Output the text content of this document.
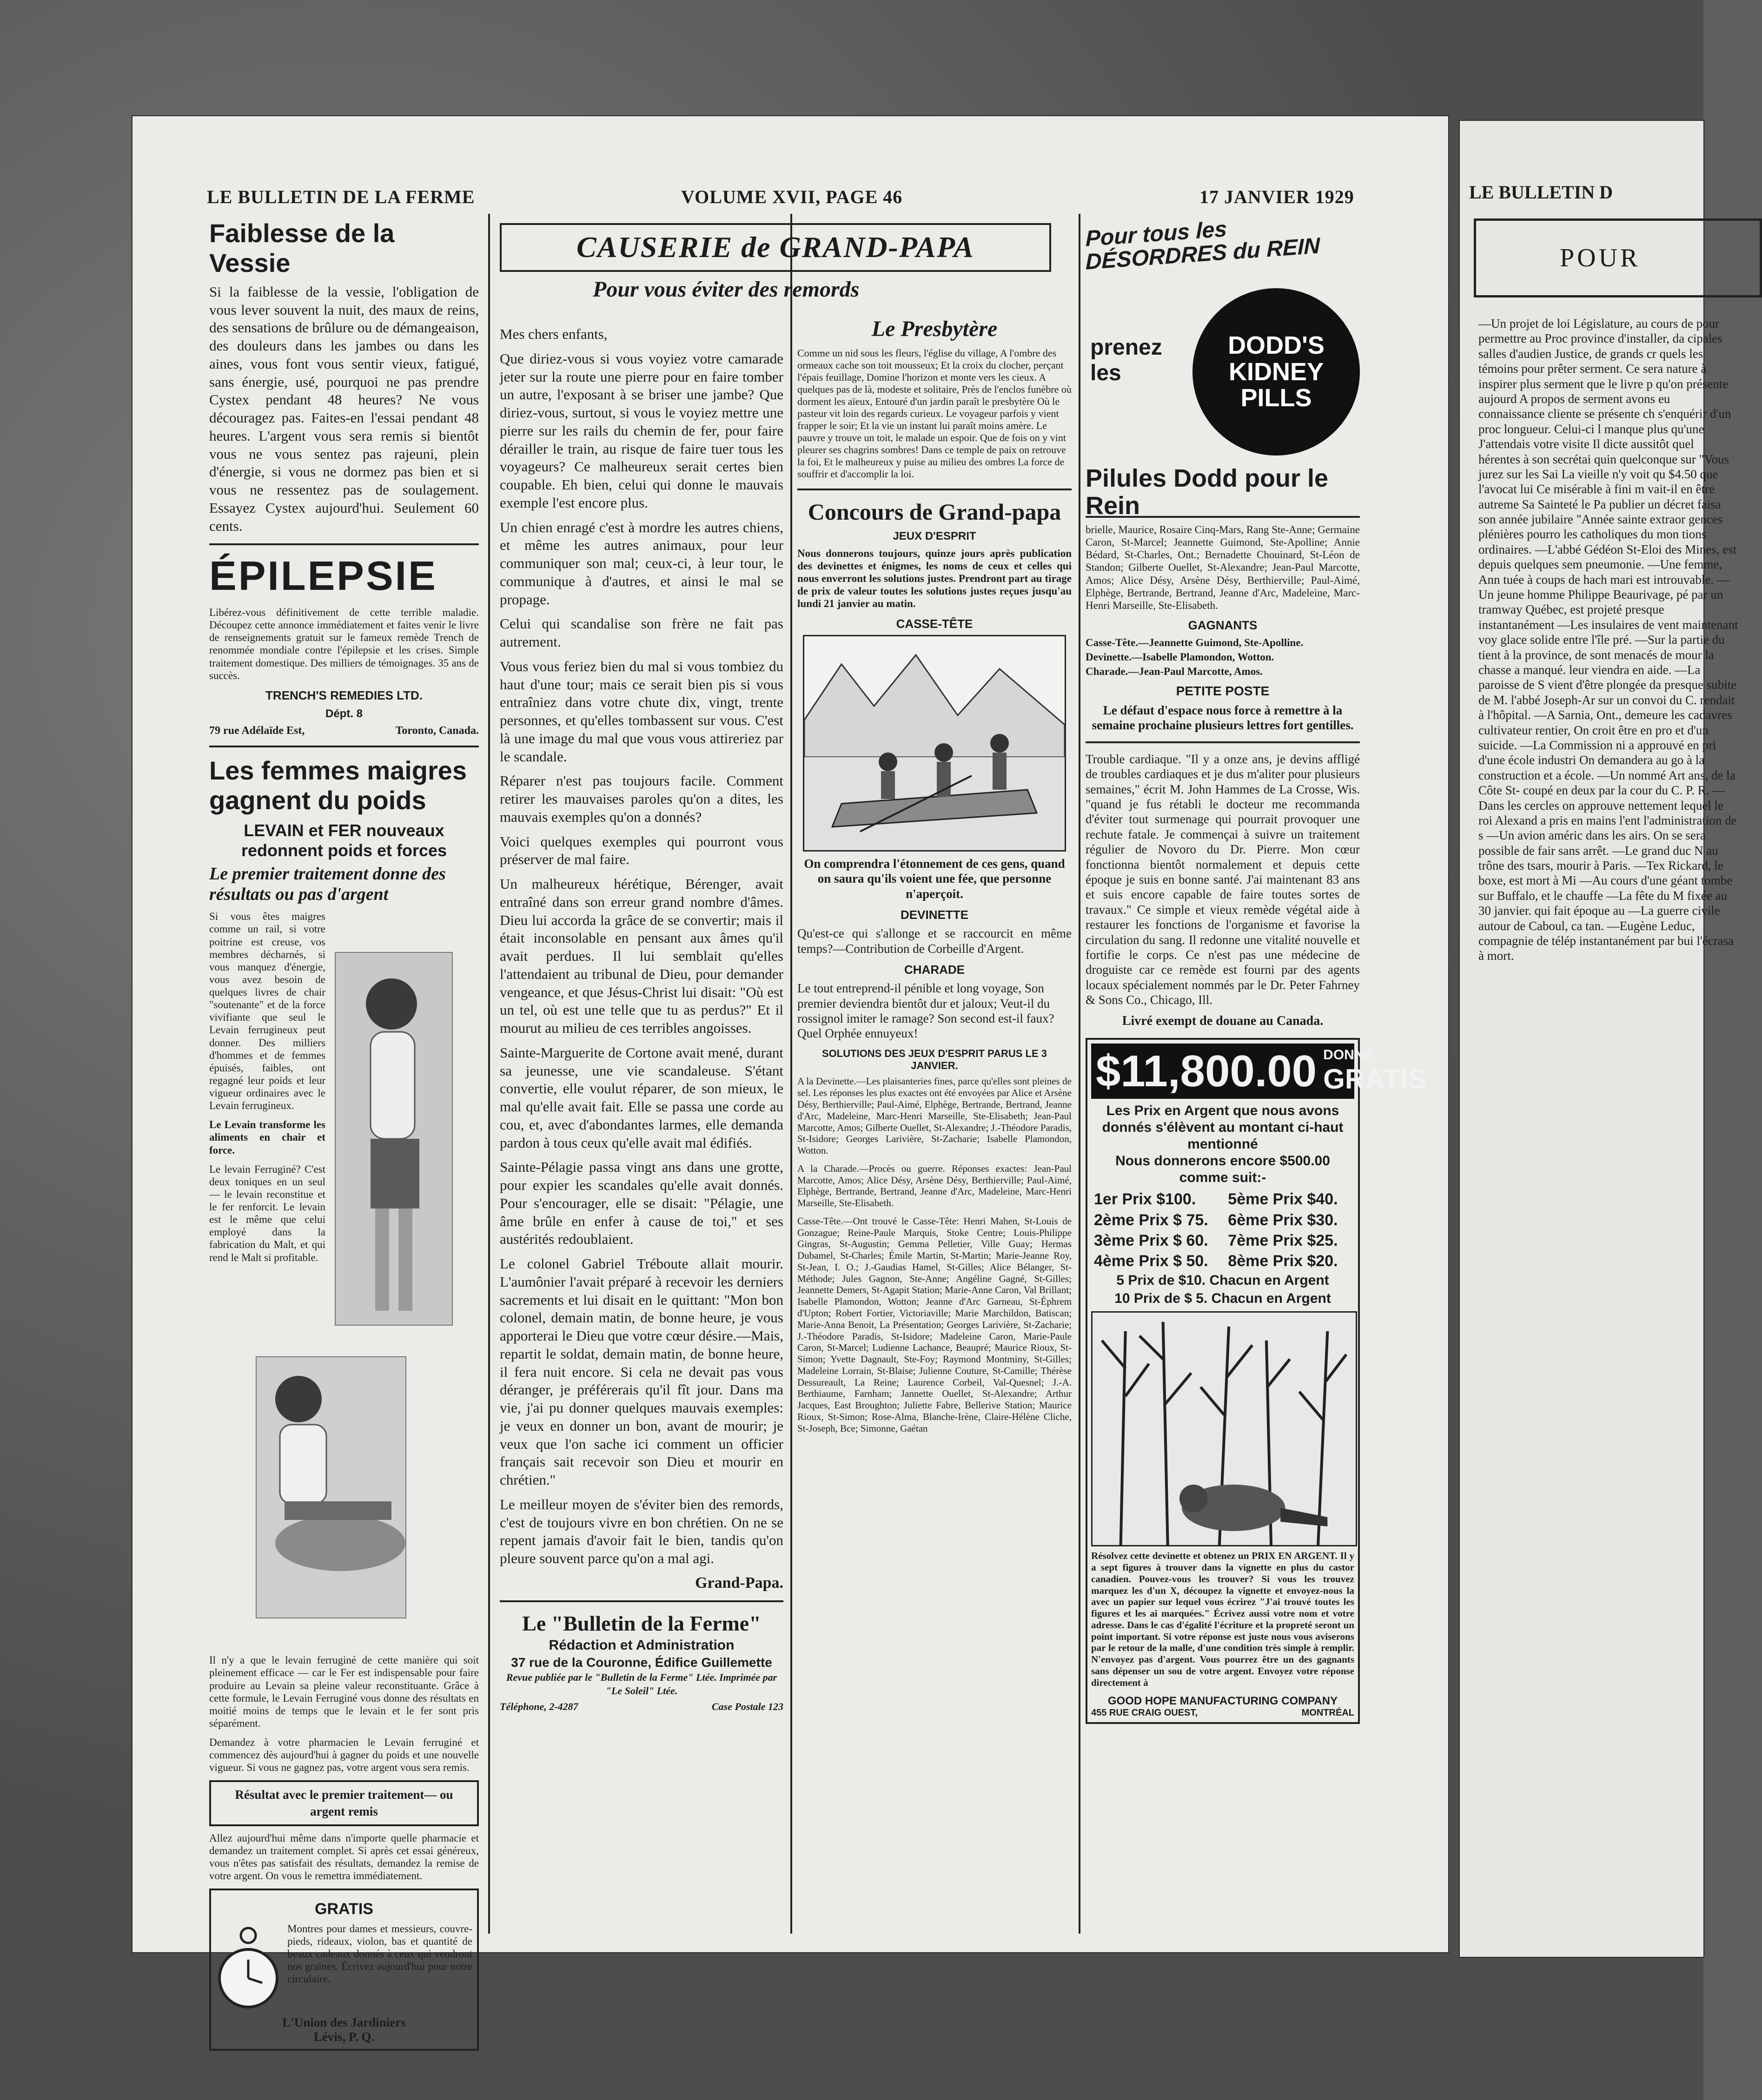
LE BULLETIN DE LA FERME	VOLUME XVII, PAGE 46	17 JANVIER 1929
Faiblesse de la Vessie

Si la faiblesse de la vessie, l'obligation de vous lever souvent la nuit, des maux de reins, des sensations de brûlure ou de démangeaison, des douleurs dans les jambes ou dans les aines, vous font vous sentir vieux, fatigué, sans énergie, usé, pourquoi ne pas prendre Cystex pendant 48 heures? Ne vous découragez pas. Faites-en l'essai pendant 48 heures. L'argent vous sera remis si bientôt vous ne vous sentez pas rajeuni, plein d'énergie, si vous ne dormez pas bien et si vous ne ressentez pas de soulagement. Essayez Cystex aujourd'hui. Seulement 60 cents.

ÉPILEPSIE

Libérez-vous définitivement de cette terrible maladie. Découpez cette annonce immédiatement et faites venir le livre de renseignements gratuit sur le fameux remède Trench de renommée mondiale contre l'épilepsie et les crises. Simple traitement domestique. Des milliers de témoignages. 35 ans de succès.

TRENCH'S REMEDIES LTD.
Dépt. 8
79 rue Adélaïde Est,	Toronto, Canada.
Les femmes maigres gagnent du poids
LEVAIN et FER nouveaux redonnent poids et forces
Le premier traitement donne des résultats ou pas d'argent

Si vous êtes maigres comme un rail, si votre poitrine est creuse, vos membres décharnés, si vous manquez d'énergie, vous avez besoin de quelques livres de chair "soutenante" et de la force vivifiante que seul le Levain ferrugineux peut donner. Des milliers d'hommes et de femmes épuisés, faibles, ont regagné leur poids et leur vigueur ordinaires avec le Levain ferrugineux.

Le Levain transforme les aliments en chair et force.

Le levain Ferruginé? C'est deux toniques en un seul — le levain reconstitue et le fer renforcit. Le levain est le même que celui employé dans la fabrication du Malt, et qui rend le Malt si profitable.

Il n'y a que le levain ferruginé de cette manière qui soit pleinement efficace — car le Fer est indispensable pour faire produire au Levain sa pleine valeur reconstituante. Grâce à cette formule, le Levain Ferruginé vous donne des résultats en moitié moins de temps que le levain et le fer sont pris séparément.

Demandez à votre pharmacien le Levain ferruginé et commencez dès aujourd'hui à gagner du poids et une nouvelle vigueur. Si vous ne gagnez pas, votre argent vous sera remis.

Résultat avec le premier traitement— ou argent remis

Allez aujourd'hui même dans n'importe quelle pharmacie et demandez un traitement complet. Si après cet essai généreux, vous n'êtes pas satisfait des résultats, demandez la remise de votre argent. On vous le remettra immédiatement.

GRATIS

Montres pour dames et messieurs, couvre-pieds, rideaux, violon, bas et quantité de beaux cadeaux donnés à ceux qui vendront nos graines. Écrivez aujourd'hui pour notre circulaire.

L'Union des Jardiniers
Lévis, P. Q.
CAUSERIE de GRAND-PAPA
Pour vous éviter des remords

Mes chers enfants,

Que diriez-vous si vous voyiez votre camarade jeter sur la route une pierre pour en faire tomber un autre, l'exposant à se briser une jambe? Que diriez-vous, surtout, si vous le voyiez mettre une pierre sur les rails du chemin de fer, pour faire dérailler le train, au risque de faire tuer tous les voyageurs? Ce malheureux serait certes bien coupable. Eh bien, celui qui donne le mauvais exemple l'est encore plus.

Un chien enragé c'est à mordre les autres chiens, et même les autres animaux, pour leur communiquer son mal; ceux-ci, à leur tour, le communique à d'autres, et ainsi le mal se propage.

Celui qui scandalise son frère ne fait pas autrement.

Vous vous feriez bien du mal si vous tombiez du haut d'une tour; mais ce serait bien pis si vous entraîniez dans votre chute dix, vingt, trente personnes, et qu'elles tombassent sur vous. C'est là une image du mal que vous vous attireriez par le scandale.

Réparer n'est pas toujours facile. Comment retirer les mauvaises paroles qu'on a dites, les mauvais exemples qu'on a donnés?

Voici quelques exemples qui pourront vous préserver de mal faire.

Un malheureux hérétique, Bérenger, avait entraîné dans son erreur grand nombre d'âmes. Dieu lui accorda la grâce de se convertir; mais il était inconsolable en pensant aux âmes qu'il avait perdues. Il lui semblait qu'elles l'attendaient au tribunal de Dieu, pour demander vengeance, et que Jésus-Christ lui disait: "Où est un tel, où est une telle que tu as perdus?" Et il mourut au milieu de ces terribles angoisses.

Sainte-Marguerite de Cortone avait mené, durant sa jeunesse, une vie scandaleuse. S'étant convertie, elle voulut réparer, de son mieux, le mal qu'elle avait fait. Elle se passa une corde au cou, et, avec d'abondantes larmes, elle demanda pardon à tous ceux qu'elle avait mal édifiés.

Sainte-Pélagie passa vingt ans dans une grotte, pour expier les scandales qu'elle avait donnés. Pour s'encourager, elle se disait: "Pélagie, une âme brûle en enfer à cause de toi," et ses austérités redoublaient.

Le colonel Gabriel Tréboute allait mourir. L'aumônier l'avait préparé à recevoir les derniers sacrements et lui disait en le quittant: "Mon bon colonel, demain matin, de bonne heure, je vous apporterai le Dieu que votre cœur désire.—Mais, repartit le soldat, demain matin, de bonne heure, il fera nuit encore. Si cela ne devait pas vous déranger, je préférerais qu'il fît jour. Dans ma vie, j'ai pu donner quelques mauvais exemples: je veux en donner un bon, avant de mourir; je veux que l'on sache ici comment un officier français sait recevoir son Dieu et mourir en chrétien."

Le meilleur moyen de s'éviter bien des remords, c'est de toujours vivre en bon chrétien. On ne se repent jamais d'avoir fait le bien, tandis qu'on pleure souvent parce qu'on a mal agi.

Grand-Papa.
Le "Bulletin de la Ferme"
Rédaction et Administration
37 rue de la Couronne, Édifice Guillemette
Revue publiée par le "Bulletin de la Ferme" Ltée. Imprimée par "Le Soleil" Ltée.
Téléphone, 2-4287	Case Postale 123
Le Presbytère

Comme un nid sous les fleurs, l'église du village, A l'ombre des ormeaux cache son toit mousseux; Et la croix du clocher, perçant l'épais feuillage, Domine l'horizon et monte vers les cieux. A quelques pas de là, modeste et solitaire, Près de l'enclos funèbre où dorment les aïeux, Entouré d'un jardin paraît le presbytère Où le pasteur vit loin des regards curieux. Le voyageur parfois y vient frapper le soir; Et la vie un instant lui paraît moins amère. Le pauvre y trouve un toit, le malade un espoir. Que de fois on y vint pleurer ses chagrins sombres! Dans ce temple de paix on retrouve la foi, Et le malheureux y puise au milieu des ombres La force de souffrir et d'accomplir la loi.

Concours de Grand-papa
JEUX D'ESPRIT

Nous donnerons toujours, quinze jours après publication des devinettes et énigmes, les noms de ceux et celles qui nous enverront les solutions justes. Prendront part au tirage de prix de valeur toutes les solutions justes reçues jusqu'au lundi 21 janvier au matin.

CASSE-TÊTE

On comprendra l'étonnement de ces gens, quand on saura qu'ils voient une fée, que personne n'aperçoit.

DEVINETTE

Qu'est-ce qui s'allonge et se raccourcit en même temps?—Contribution de Corbeille d'Argent.

CHARADE

Le tout entreprend-il pénible et long voyage, Son premier deviendra bientôt dur et jaloux; Veut-il du rossignol imiter le ramage? Son second est-il faux? Quel Orphée ennuyeux!

SOLUTIONS DES JEUX D'ESPRIT PARUS LE 3 JANVIER.

A la Devinette.—Les plaisanteries fines, parce qu'elles sont pleines de sel. Les réponses les plus exactes ont été envoyées par Alice et Arsène Désy, Berthierville; Paul-Aimé, Elphège, Bertrande, Bertrand, Jeanne d'Arc, Madeleine, Marc-Henri Marseille, Ste-Elisabeth; Jean-Paul Marcotte, Amos; Gilberte Ouellet, St-Alexandre; J.-Théodore Paradis, St-Isidore; Georges Larivière, St-Zacharie; Isabelle Plamondon, Wotton.

A la Charade.—Procès ou guerre. Réponses exactes: Jean-Paul Marcotte, Amos; Alice Désy, Arsène Désy, Berthierville; Paul-Aimé, Elphège, Bertrande, Bertrand, Jeanne d'Arc, Madeleine, Marc-Henri Marseille, Ste-Elisabeth.

Casse-Tête.—Ont trouvé le Casse-Tête: Henri Mahen, St-Louis de Gonzague; Reine-Paule Marquis, Stoke Centre; Louis-Philippe Gingras, St-Augustin; Gemma Pelletier, Ville Guay; Hermas Dubamel, St-Charles; Émile Martin, St-Martin; Marie-Jeanne Roy, St-Jean, I. O.; J.-Gaudias Hamel, St-Gilles; Alice Bélanger, St-Méthode; Jules Gagnon, Ste-Anne; Angéline Gagné, St-Gilles; Jeannette Demers, St-Agapit Station; Marie-Anne Caron, Val Brillant; Isabelle Plamondon, Wotton; Jeanne d'Arc Garneau, St-Éphrem d'Upton; Robert Fortier, Victoriaville; Marie Marchildon, Batiscan; Marie-Anna Benoit, La Présentation; Georges Larivière, St-Zacharie; J.-Théodore Paradis, St-Isidore; Madeleine Caron, Marie-Paule Caron, St-Marcel; Ludienne Lachance, Beaupré; Maurice Rioux, St-Simon; Yvette Dagnault, Ste-Foy; Raymond Montminy, St-Gilles; Madeleine Lorrain, St-Blaise; Julienne Couture, St-Camille; Thérèse Dessureault, La Reine; Laurence Corbeil, Val-Quesnel; J.-A. Berthiaume, Farnham; Jannette Ouellet, St-Alexandre; Arthur Jacques, East Broughton; Juliette Fabre, Bellerive Station; Maurice Rioux, St-Simon; Rose-Alma, Blanche-Irène, Claire-Hélène Cliche, St-Joseph, Bce; Simonne, Gaétan

Pour tous les DÉSORDRES du REIN
DODD'S KIDNEY PILLS
prenez les
Pilules Dodd pour le Rein

brielle, Maurice, Rosaire Cinq-Mars, Rang Ste-Anne; Germaine Caron, St-Marcel; Jeannette Guimond, Ste-Apolline; Annie Bédard, St-Charles, Ont.; Bernadette Chouinard, St-Léon de Standon; Gilberte Ouellet, St-Alexandre; Jean-Paul Marcotte, Amos; Alice Désy, Arsène Désy, Berthierville; Paul-Aimé, Elphège, Bertrande, Bertrand, Jeanne d'Arc, Madeleine, Marc-Henri Marseille, Ste-Elisabeth.

GAGNANTS

Casse-Tête.—Jeannette Guimond, Ste-Apolline.

Devinette.—Isabelle Plamondon, Wotton.

Charade.—Jean-Paul Marcotte, Amos.

PETITE POSTE

Le défaut d'espace nous force à remettre à la semaine prochaine plusieurs lettres fort gentilles.

Trouble cardiaque. "Il y a onze ans, je devins affligé de troubles cardiaques et je dus m'aliter pour plusieurs semaines," écrit M. John Hammes de La Crosse, Wis. "quand je fus rétabli le docteur me recommanda d'éviter tout surmenage qui pourrait provoquer une rechute fatale. Je commençai à suivre un traitement régulier de Novoro du Dr. Pierre. Mon cœur fonctionna bientôt normalement et depuis cette époque je suis en bonne santé. J'ai maintenant 83 ans et suis encore capable de faire toutes sortes de travaux." Ce simple et vieux remède végétal aide à restaurer les fonctions de l'organisme et favorise la circulation du sang. Il redonne une vitalité nouvelle et fortifie le corps. Ce n'est pas une médecine de droguiste car ce remède est fourni par des agents locaux spécialement nommés par le Dr. Peter Fahrney & Sons Co., Chicago, Ill.

Livré exempt de douane au Canada.
$11,800.00 DONNÉ
GRATIS
Les Prix en Argent que nous avons donnés s'élèvent au montant ci-haut mentionné
Nous donnerons encore $500.00 comme suit:-
1er Prix $100.	5ème Prix $40.
2ème Prix $ 75.	6ème Prix $30.
3ème Prix $ 60.	7ème Prix $25.
4ème Prix $ 50.	8ème Prix $20.
5 Prix de $10. Chacun en Argent
10 Prix de $ 5. Chacun en Argent

Résolvez cette devinette et obtenez un PRIX EN ARGENT. Il y a sept figures à trouver dans la vignette en plus du castor canadien. Pouvez-vous les trouver? Si vous les trouvez marquez les d'un X, découpez la vignette et envoyez-nous la avec un papier sur lequel vous écrirez "J'ai trouvé toutes les figures et les ai marquées." Écrivez aussi votre nom et votre adresse. Dans le cas d'égalité l'écriture et la propreté seront un point important. Si votre réponse est juste nous vous aviserons par le retour de la malle, d'une condition très simple à remplir. N'envoyez pas d'argent. Vous pourrez être un des gagnants sans dépenser un sou de votre argent. Envoyez votre réponse directement à

GOOD HOPE MANUFACTURING COMPANY
455 RUE CRAIG OUEST,	MONTRÉAL
LE BULLETIN D
POUR

—Un projet de loi Législature, au cours de pour permettre au Proc province d'installer, da cipales salles d'audien Justice, de grands cr quels les témoins pour prêter serment. Ce sera nature à inspirer plus serment que le livre p qu'on présente aujourd A propos de serment avons eu connaissance cliente se présente ch s'enquérir d'un proc longueur. Celui-ci l manque plus qu'une J'attendais votre visite Il dicte aussitôt quel hérentes à son secrétai quin quelconque sur "Vous jurez sur les Sai La vieille n'y voit qu $4.50 que l'avocat lui Ce misérable à fini m vait-il en être autreme Sa Sainteté le Pa publier un décret faisa son année jubilaire "Année sainte extraor gences plénières pourro les catholiques du mon tions ordinaires. —L'abbé Gédéon St-Eloi des Mines, est depuis quelques sem pneumonie. —Une femme, Ann tuée à coups de hach mari est introuvable. —Un jeune homme Philippe Beaurivage, pé par un tramway Québec, est projeté presque instantanément —Les insulaires de vent maintenant voy glace solide entre l'île pré. —Sur la partie du tient à la province, de sont menacés de mour la chasse a manqué. leur viendra en aide. —La paroisse de S vient d'être plongée da presque subite de M. l'abbé Joseph-Ar sur un convoi du C. rendait à l'hôpital. —A Sarnia, Ont., demeure les cadavres cultivateur rentier, On croit être en pro et d'un suicide. —La Commission ni a approuvé en pri d'une école industri On demandera au go à la construction et a école. —Un nommé Art ans, de la Côte St- coupé en deux par la cour du C. P. R. —Dans les cercles on approuve nettement lequel le roi Alexand a pris en mains l'ent l'administration de s —Un avion améric dans les airs. On se sera possible de fair sans arrêt. —Le grand duc N au trône des tsars, mourir à Paris. —Tex Rickard, le boxe, est mort à Mi —Au cours d'une géant tombe sur Buffalo, et le chauffe —La fête du M fixée au 30 janvier. qui fait époque au —La guerre civile autour de Caboul, ca tan. —Eugène Leduc, compagnie de télép instantanément par bui l'écrasa à mort.
